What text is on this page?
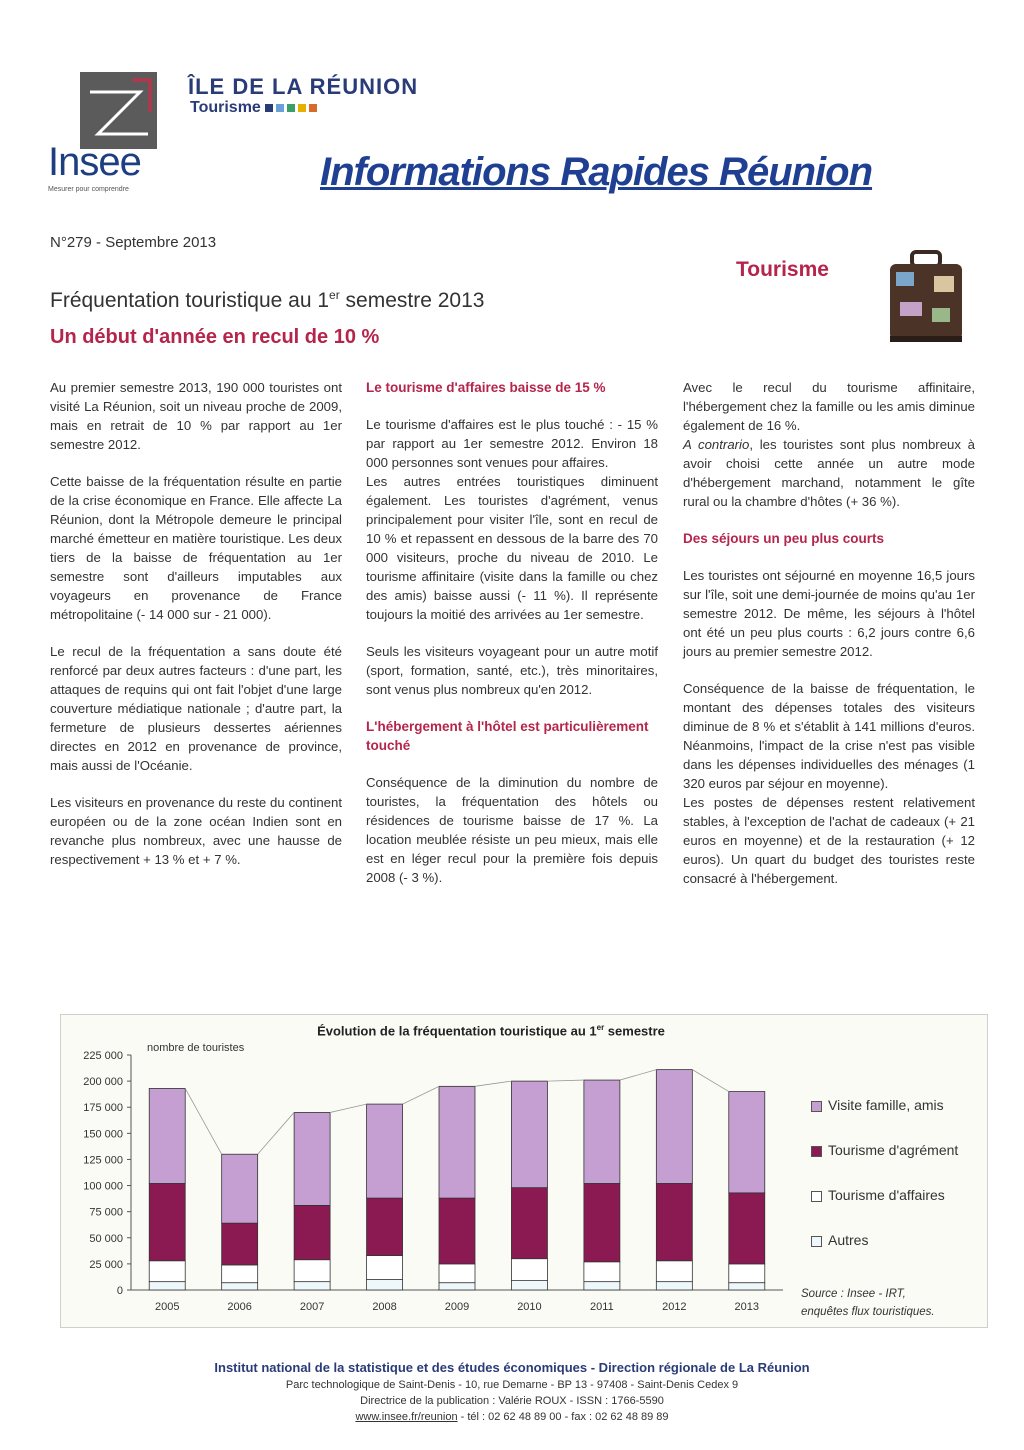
Insee
Mesurer pour comprendre
ÎLE DE LA RÉUNION
Tourisme
Informations Rapides Réunion
N°279 - Septembre 2013
Tourisme
Fréquentation touristique au 1er semestre 2013
Un début d'année en recul de 10 %

Au premier semestre 2013, 190 000 touristes ont visité La Réunion, soit un niveau proche de 2009, mais en retrait de 10 % par rapport au 1er semestre 2012.

Cette baisse de la fréquentation résulte en partie de la crise économique en France. Elle affecte La Réunion, dont la Métropole demeure le principal marché émetteur en matière touristique. Les deux tiers de la baisse de fréquentation au 1er semestre sont d'ailleurs imputables aux voyageurs en provenance de France métropolitaine (- 14 000 sur - 21 000).

Le recul de la fréquentation a sans doute été renforcé par deux autres facteurs : d'une part, les attaques de requins qui ont fait l'objet d'une large couverture médiatique nationale ; d'autre part, la fermeture de plusieurs dessertes aériennes directes en 2012 en provenance de province, mais aussi de l'Océanie.

Les visiteurs en provenance du reste du continent européen ou de la zone océan Indien sont en revanche plus nombreux, avec une hausse de respectivement + 13 % et + 7 %.

Le tourisme d'affaires baisse de 15 %

Le tourisme d'affaires est le plus touché : - 15 % par rapport au 1er semestre 2012. Environ 18 000 personnes sont venues pour affaires.

Les autres entrées touristiques diminuent également. Les touristes d'agrément, venus principalement pour visiter l'île, sont en recul de 10 % et repassent en dessous de la barre des 70 000 visiteurs, proche du niveau de 2010. Le tourisme affinitaire (visite dans la famille ou chez des amis) baisse aussi (- 11 %). Il représente toujours la moitié des arrivées au 1er semestre.

Seuls les visiteurs voyageant pour un autre motif (sport, formation, santé, etc.), très minoritaires, sont venus plus nombreux qu'en 2012.

L'hébergement à l'hôtel est particulièrement touché

Conséquence de la diminution du nombre de touristes, la fréquentation des hôtels ou résidences de tourisme baisse de 17 %. La location meublée résiste un peu mieux, mais elle est en léger recul pour la première fois depuis 2008 (- 3 %).

Avec le recul du tourisme affinitaire, l'hébergement chez la famille ou les amis diminue également de 16 %.

A contrario, les touristes sont plus nombreux à avoir choisi cette année un autre mode d'hébergement marchand, notamment le gîte rural ou la chambre d'hôtes (+ 36 %).

Des séjours un peu plus courts

Les touristes ont séjourné en moyenne 16,5 jours sur l'île, soit une demi-journée de moins qu'au 1er semestre 2012. De même, les séjours à l'hôtel ont été un peu plus courts : 6,2 jours contre 6,6 jours au premier semestre 2012.

Conséquence de la baisse de fréquentation, le montant des dépenses totales des visiteurs diminue de 8 % et s'établit à 141 millions d'euros. Néanmoins, l'impact de la crise n'est pas visible dans les dépenses individuelles des ménages (1 320 euros par séjour en moyenne).

Les postes de dépenses restent relativement stables, à l'exception de l'achat de cadeaux (+ 21 euros en moyenne) et de la restauration (+ 12 euros). Un quart du budget des touristes reste consacré à l'hébergement.

Évolution de la fréquentation touristique au 1er semestre
nombre de touristes
0
25 000
50 000
75 000
100 000
125 000
150 000
175 000
200 000
225 000
2005	2006	2007	2008	2009	2010	2011	2012	2013
Visite famille, amis
Tourisme d'agrément
Tourisme d'affaires
Autres
Source : Insee - IRT,
enquêtes flux touristiques.
Institut national de la statistique et des études économiques - Direction régionale de La Réunion
Parc technologique de Saint-Denis - 10, rue Demarne - BP 13 - 97408 - Saint-Denis Cedex 9
Directrice de la publication : Valérie ROUX - ISSN : 1766-5590
www.insee.fr/reunion - tél : 02 62 48 89 00 - fax : 02 62 48 89 89
